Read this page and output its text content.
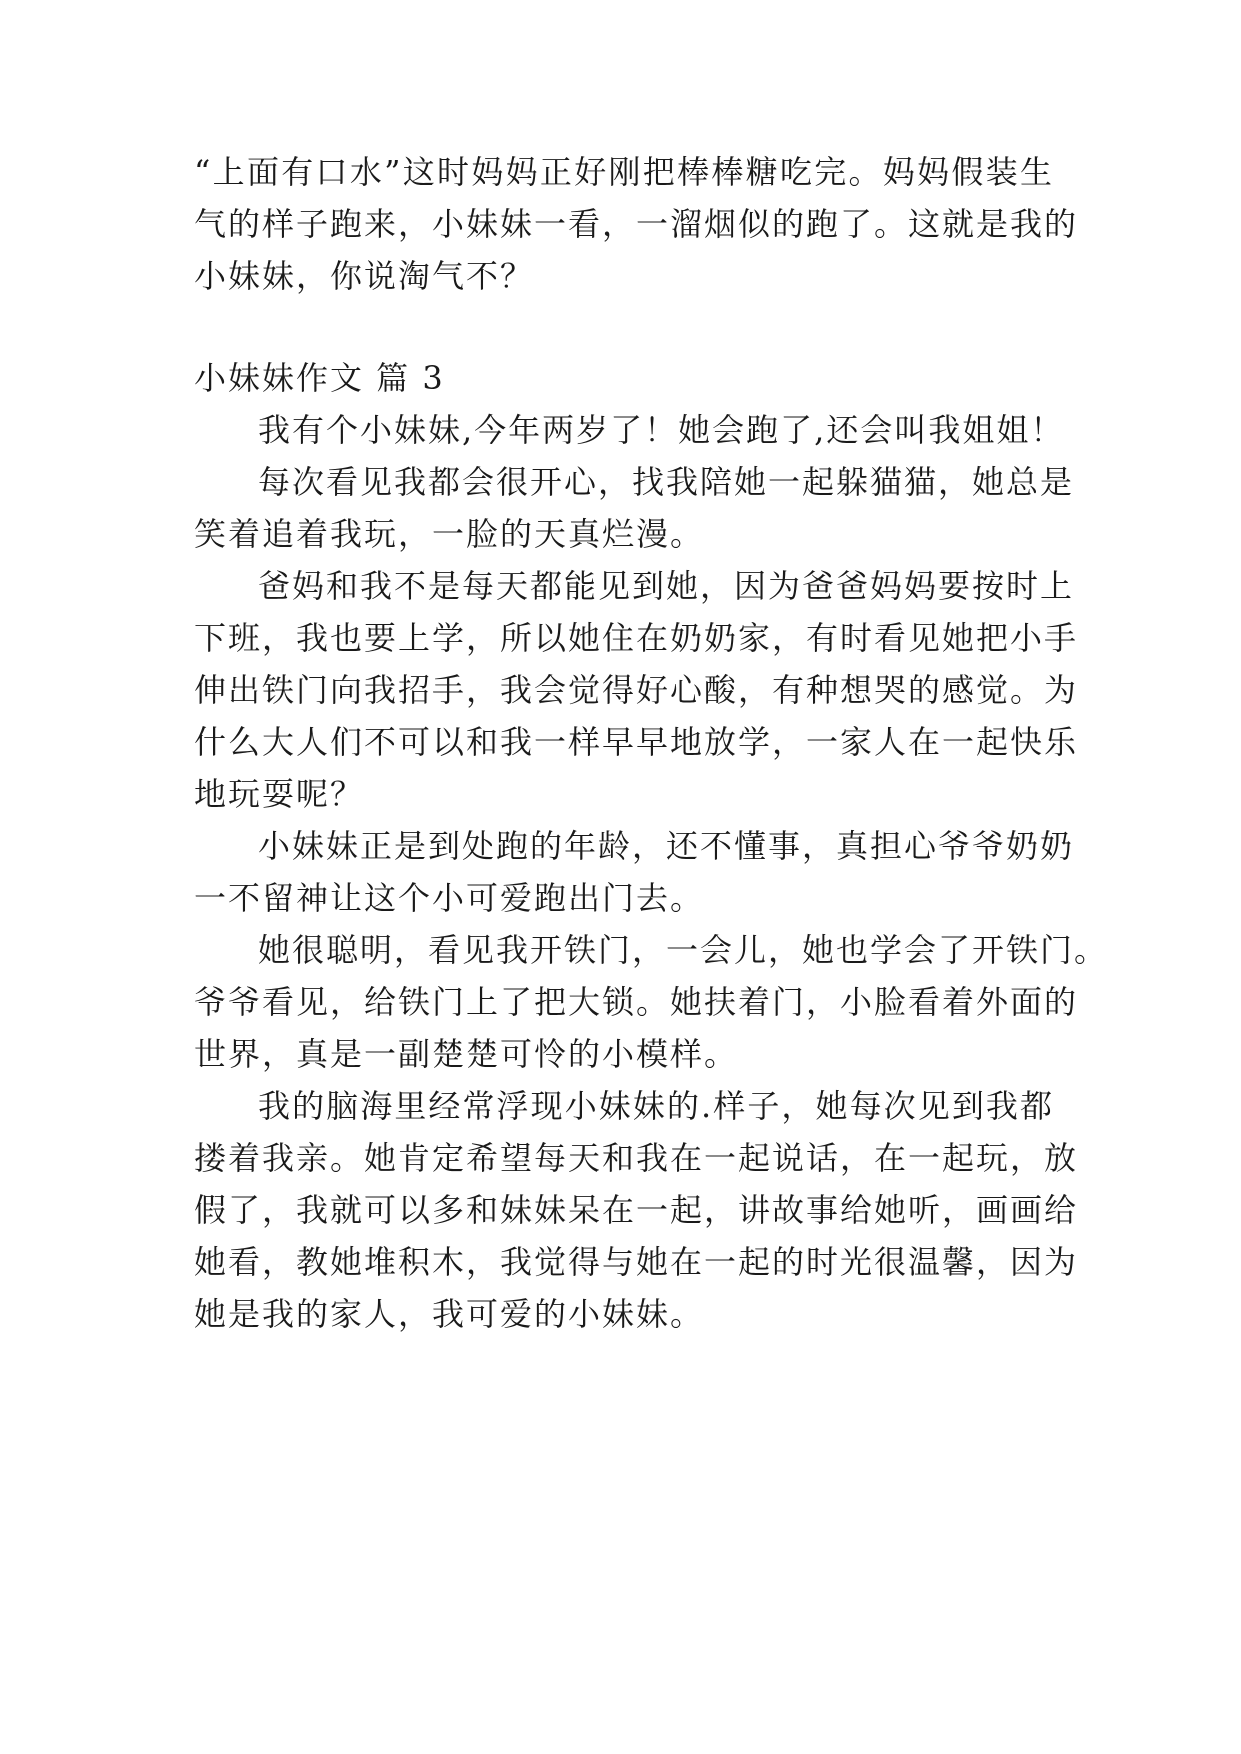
“上面有口水”这时妈妈正好刚把棒棒糖吃完。妈妈假装生
气的样子跑来，小妹妹一看，一溜烟似的跑了。这就是我的
小妹妹，你说淘气不？
小妹妹作文 篇 3
我有个小妹妹,今年两岁了！她会跑了,还会叫我姐姐！
每次看见我都会很开心，找我陪她一起躲猫猫，她总是
笑着追着我玩，一脸的天真烂漫。
爸妈和我不是每天都能见到她，因为爸爸妈妈要按时上
下班，我也要上学，所以她住在奶奶家，有时看见她把小手
伸出铁门向我招手，我会觉得好心酸，有种想哭的感觉。为
什么大人们不可以和我一样早早地放学，一家人在一起快乐
地玩耍呢？
小妹妹正是到处跑的年龄，还不懂事，真担心爷爷奶奶
一不留神让这个小可爱跑出门去。
她很聪明，看见我开铁门，一会儿，她也学会了开铁门。
爷爷看见，给铁门上了把大锁。她扶着门，小脸看着外面的
世界，真是一副楚楚可怜的小模样。
我的脑海里经常浮现小妹妹的.样子，她每次见到我都
搂着我亲。她肯定希望每天和我在一起说话，在一起玩，放
假了，我就可以多和妹妹呆在一起，讲故事给她听，画画给
她看，教她堆积木，我觉得与她在一起的时光很温馨，因为
她是我的家人，我可爱的小妹妹。
